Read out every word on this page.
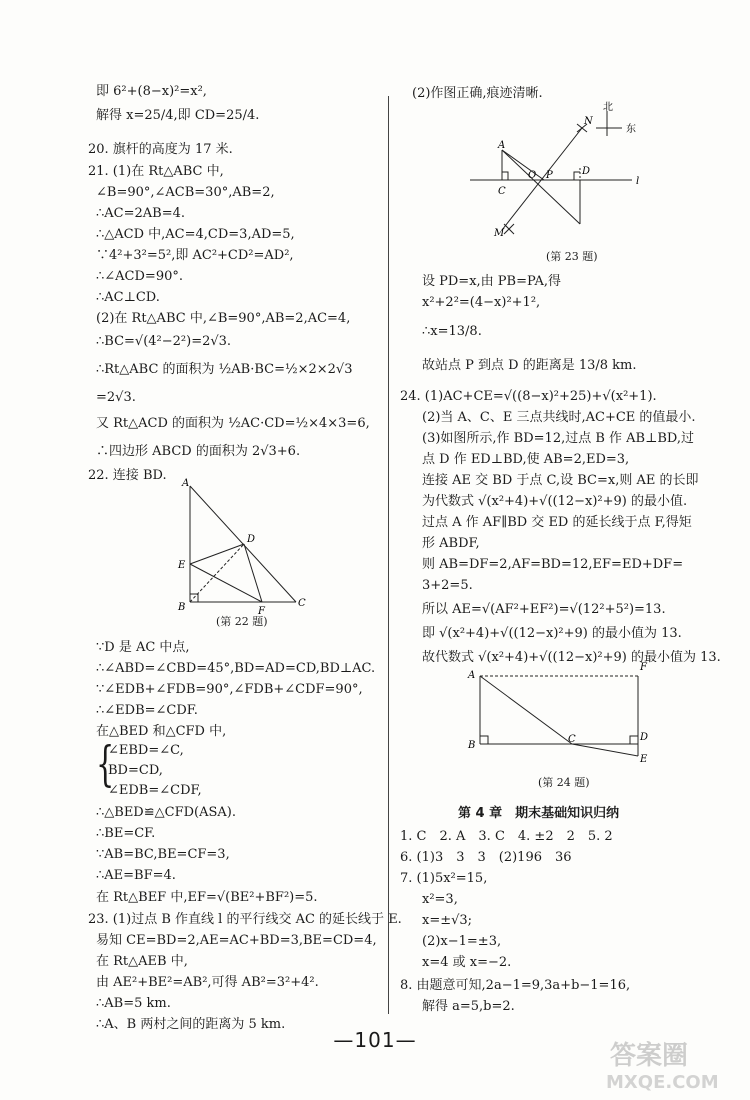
即 6²+(8−x)²=x²,
解得 x=25/4,即 CD=25/4.
20. 旗杆的高度为 17 米.
21. (1)在 Rt△ABC 中,
∠B=90°,∠ACB=30°,AB=2,
∴AC=2AB=4.
∴△ACD 中,AC=4,CD=3,AD=5,
∵4²+3²=5²,即 AC²+CD²=AD²,
∴∠ACD=90°.
∴AC⊥CD.
(2)在 Rt△ABC 中,∠B=90°,AB=2,AC=4,
∴BC=√(4²−2²)=2√3.
∴Rt△ABC 的面积为 ½AB·BC=½×2×2√3
=2√3.
又 Rt△ACD 的面积为 ½AC·CD=½×4×3=6,
∴四边形 ABCD 的面积为 2√3+6.
22. 连接 BD.
A
D
E
B	F
C
(第 22 题)
∵D 是 AC 中点,
∴∠ABD=∠CBD=45°,BD=AD=CD,BD⊥AC.
∵∠EDB+∠FDB=90°,∠FDB+∠CDF=90°,
∴∠EDB=∠CDF.
在△BED 和△CFD 中,
{
∠EBD=∠C,
BD=CD,
∠EDB=∠CDF,
∴△BED≌△CFD(ASA).
∴BE=CF.
∵AB=BC,BE=CF=3,
∴AE=BF=4.
在 Rt△BEF 中,EF=√(BE²+BF²)=5.
23. (1)过点 B 作直线 l 的平行线交 AC 的延长线于 E.
易知 CE=BD=2,AE=AC+BD=3,BE=CD=4,
在 Rt△AEB 中,
由 AE²+BE²=AB²,可得 AB²=3²+4².
∴AB=5 km.
∴A、B 两村之间的距离为 5 km.
(2)作图正确,痕迹清晰.
北
东
N
A
O P	D
C
l
M
(第 23 题)
设 PD=x,由 PB=PA,得
x²+2²=(4−x)²+1²,
∴x=13/8.
故站点 P 到点 D 的距离是 13/8 km.
24. (1)AC+CE=√((8−x)²+25)+√(x²+1).
(2)当 A、C、E 三点共线时,AC+CE 的值最小.
(3)如图所示,作 BD=12,过点 B 作 AB⊥BD,过
点 D 作 ED⊥BD,使 AB=2,ED=3,
连接 AE 交 BD 于点 C,设 BC=x,则 AE 的长即
为代数式 √(x²+4)+√((12−x)²+9) 的最小值.
过点 A 作 AF∥BD 交 ED 的延长线于点 F,得矩
形 ABDF,
则 AB=DF=2,AF=BD=12,EF=ED+DF=
3+2=5.
所以 AE=√(AF²+EF²)=√(12²+5²)=13.
即 √(x²+4)+√((12−x)²+9) 的最小值为 13.
故代数式 √(x²+4)+√((12−x)²+9) 的最小值为 13.
A
F
B
C	D
E
(第 24 题)
第 4 章　期末基础知识归纳
1. C　2. A　3. C　4. ±2　2　5. 2
6. (1)3　3　3　(2)196　36
7. (1)5x²=15,
x²=3,
x=±√3;
(2)x−1=±3,
x=4 或 x=−2.
8. 由题意可知,2a−1=9,3a+b−1=16,
解得 a=5,b=2.
—101—
答案圈
MXQE.COM
